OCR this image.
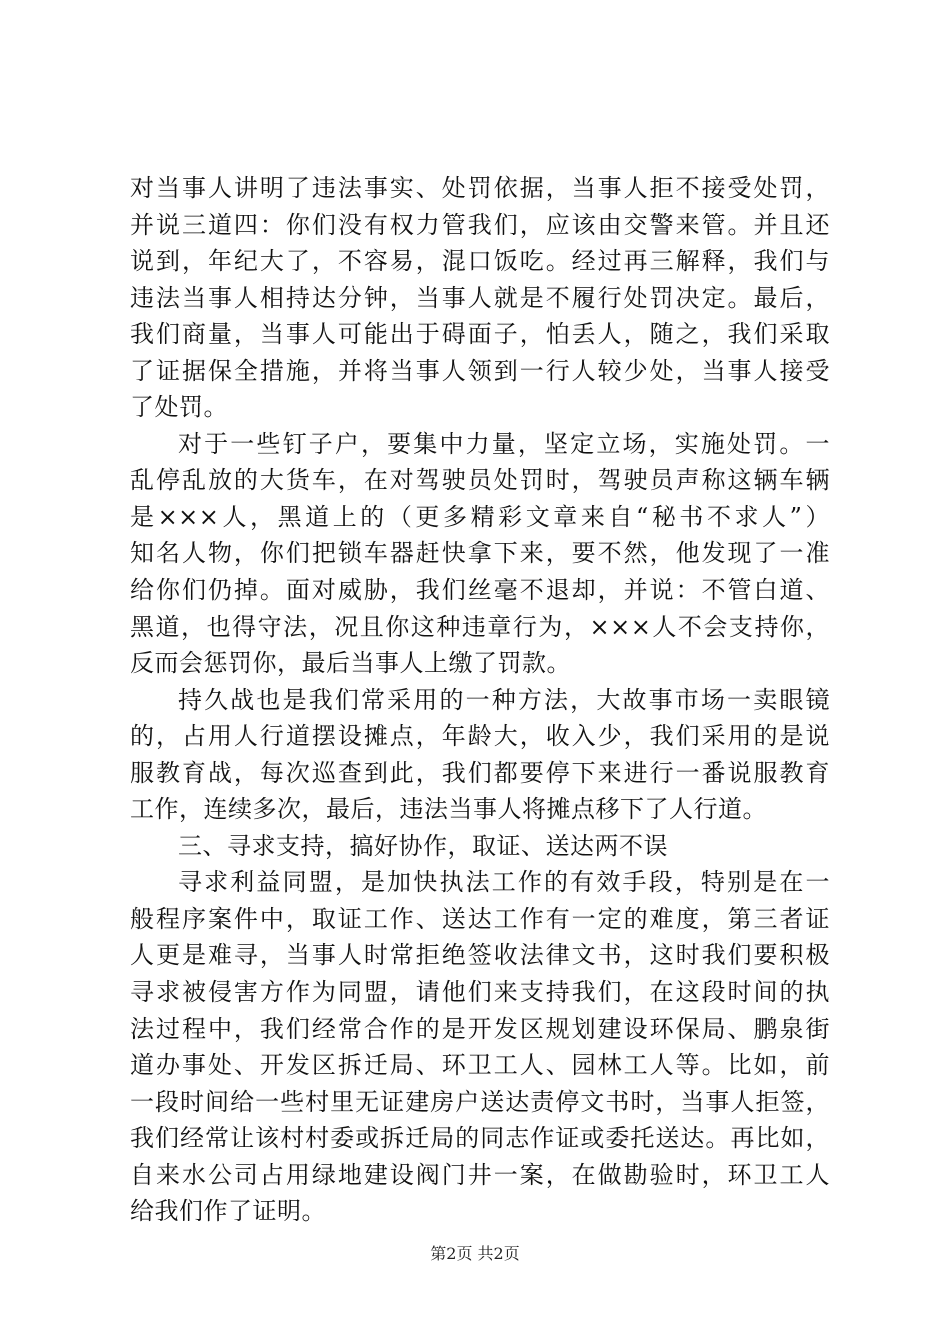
对当事人讲明了违法事实、处罚依据，当事人拒不接受处罚，
并说三道四：你们没有权力管我们，应该由交警来管。并且还
说到，年纪大了，不容易，混口饭吃。经过再三解释，我们与
违法当事人相持达分钟，当事人就是不履行处罚决定。最后，
我们商量，当事人可能出于碍面子，怕丢人，随之，我们采取
了证据保全措施，并将当事人领到一行人较少处，当事人接受
了处罚。
对于一些钉子户，要集中力量，坚定立场，实施处罚。一
乱停乱放的大货车，在对驾驶员处罚时，驾驶员声称这辆车辆
是×××人，黑道上的（更多精彩文章来自“秘书不求人”）
知名人物，你们把锁车器赶快拿下来，要不然，他发现了一准
给你们仍掉。面对威胁，我们丝毫不退却，并说：不管白道、
黑道，也得守法，况且你这种违章行为，×××人不会支持你，
反而会惩罚你，最后当事人上缴了罚款。
持久战也是我们常采用的一种方法，大故事市场一卖眼镜
的，占用人行道摆设摊点，年龄大，收入少，我们采用的是说
服教育战，每次巡查到此，我们都要停下来进行一番说服教育
工作，连续多次，最后，违法当事人将摊点移下了人行道。
三、寻求支持，搞好协作，取证、送达两不误
寻求利益同盟，是加快执法工作的有效手段，特别是在一
般程序案件中，取证工作、送达工作有一定的难度，第三者证
人更是难寻，当事人时常拒绝签收法律文书，这时我们要积极
寻求被侵害方作为同盟，请他们来支持我们，在这段时间的执
法过程中，我们经常合作的是开发区规划建设环保局、鹏泉街
道办事处、开发区拆迁局、环卫工人、园林工人等。比如，前
一段时间给一些村里无证建房户送达责停文书时，当事人拒签，
我们经常让该村村委或拆迁局的同志作证或委托送达。再比如，
自来水公司占用绿地建设阀门井一案，在做勘验时，环卫工人
给我们作了证明。
第2页 共2页
